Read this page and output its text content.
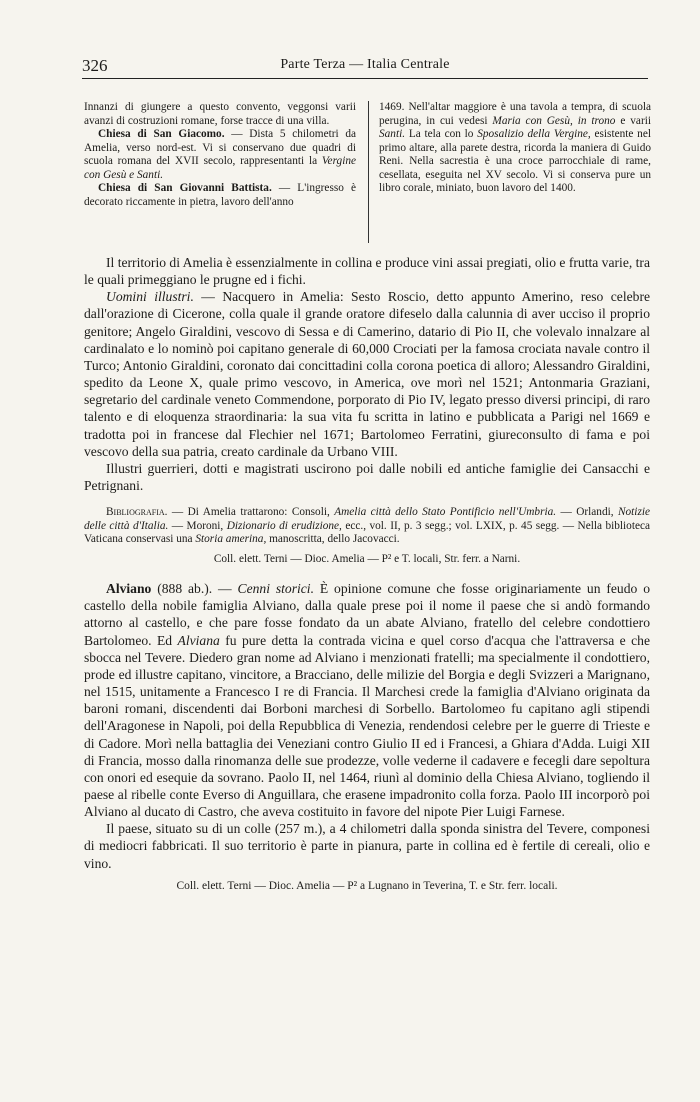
326	Parte Terza — Italia Centrale

Innanzi di giungere a questo convento, veggonsi varii avanzi di costruzioni romane, forse tracce di una villa.

Chiesa di San Giacomo. — Dista 5 chilometri da Amelia, verso nord-est. Vi si conservano due quadri di scuola romana del XVII secolo, rappresentanti la Vergine con Gesù e Santi.

Chiesa di San Giovanni Battista. — L'ingresso è decorato riccamente in pietra, lavoro dell'anno

1469. Nell'altar maggiore è una tavola a tempra, di scuola perugina, in cui vedesi Maria con Gesù, in trono e varii Santi. La tela con lo Sposalizio della Vergine, esistente nel primo altare, alla parete destra, ricorda la maniera di Guido Reni. Nella sacrestia è una croce parrocchiale di rame, cesellata, eseguita nel XV secolo. Vi si conserva pure un libro corale, miniato, buon lavoro del 1400.

Il territorio di Amelia è essenzialmente in collina e produce vini assai pregiati, olio e frutta varie, tra le quali primeggiano le prugne ed i fichi.

Uomini illustri. — Nacquero in Amelia: Sesto Roscio, detto appunto Amerino, reso celebre dall'orazione di Cicerone, colla quale il grande oratore difeselo dalla calunnia di aver ucciso il proprio genitore; Angelo Giraldini, vescovo di Sessa e di Camerino, datario di Pio II, che volevalo innalzare al cardinalato e lo nominò poi capitano generale di 60,000 Crociati per la famosa crociata navale contro il Turco; Antonio Giraldini, coronato dai concittadini colla corona poetica di alloro; Alessandro Giraldini, spedito da Leone X, quale primo vescovo, in America, ove morì nel 1521; Antonmaria Graziani, segretario del cardinale veneto Commendone, porporato di Pio IV, legato presso diversi principi, di raro talento e di eloquenza straordinaria: la sua vita fu scritta in latino e pubblicata a Parigi nel 1669 e tradotta poi in francese dal Flechier nel 1671; Bartolomeo Ferratini, giureconsulto di fama e poi vescovo della sua patria, creato cardinale da Urbano VIII.

Illustri guerrieri, dotti e magistrati uscirono poi dalle nobili ed antiche famiglie dei Cansacchi e Petrignani.

Bibliografia. — Di Amelia trattarono: Consoli, Amelia città dello Stato Pontificio nell'Umbria. — Orlandi, Notizie delle città d'Italia. — Moroni, Dizionario di erudizione, ecc., vol. II, p. 3 segg.; vol. LXIX, p. 45 segg. — Nella biblioteca Vaticana conservasi una Storia amerina, manoscritta, dello Jacovacci.

Coll. elett. Terni — Dioc. Amelia — P² e T. locali, Str. ferr. a Narni.

Alviano (888 ab.). — Cenni storici. È opinione comune che fosse originariamente un feudo o castello della nobile famiglia Alviano, dalla quale prese poi il nome il paese che si andò formando attorno al castello, e che pare fosse fondato da un abate Alviano, fratello del celebre condottiero Bartolomeo. Ed Alviana fu pure detta la contrada vicina e quel corso d'acqua che l'attraversa e che sbocca nel Tevere. Diedero gran nome ad Alviano i menzionati fratelli; ma specialmente il condottiero, prode ed illustre capitano, vincitore, a Bracciano, delle milizie del Borgia e degli Svizzeri a Marignano, nel 1515, unitamente a Francesco I re di Francia. Il Marchesi crede la famiglia d'Alviano originata da baroni romani, discendenti dai Borboni marchesi di Sorbello. Bartolomeo fu capitano agli stipendi dell'Aragonese in Napoli, poi della Repubblica di Venezia, rendendosi celebre per le guerre di Trieste e di Cadore. Morì nella battaglia dei Veneziani contro Giulio II ed i Francesi, a Ghiara d'Adda. Luigi XII di Francia, mosso dalla rinomanza delle sue prodezze, volle vederne il cadavere e fecegli dare sepoltura con onori ed esequie da sovrano. Paolo II, nel 1464, riunì al dominio della Chiesa Alviano, togliendo il paese al ribelle conte Everso di Anguillara, che erasene impadronito colla forza. Paolo III incorporò poi Alviano al ducato di Castro, che aveva costituito in favore del nipote Pier Luigi Farnese.

Il paese, situato su di un colle (257 m.), a 4 chilometri dalla sponda sinistra del Tevere, componesi di mediocri fabbricati. Il suo territorio è parte in pianura, parte in collina ed è fertile di cereali, olio e vino.

Coll. elett. Terni — Dioc. Amelia — P² a Lugnano in Teverina, T. e Str. ferr. locali.
